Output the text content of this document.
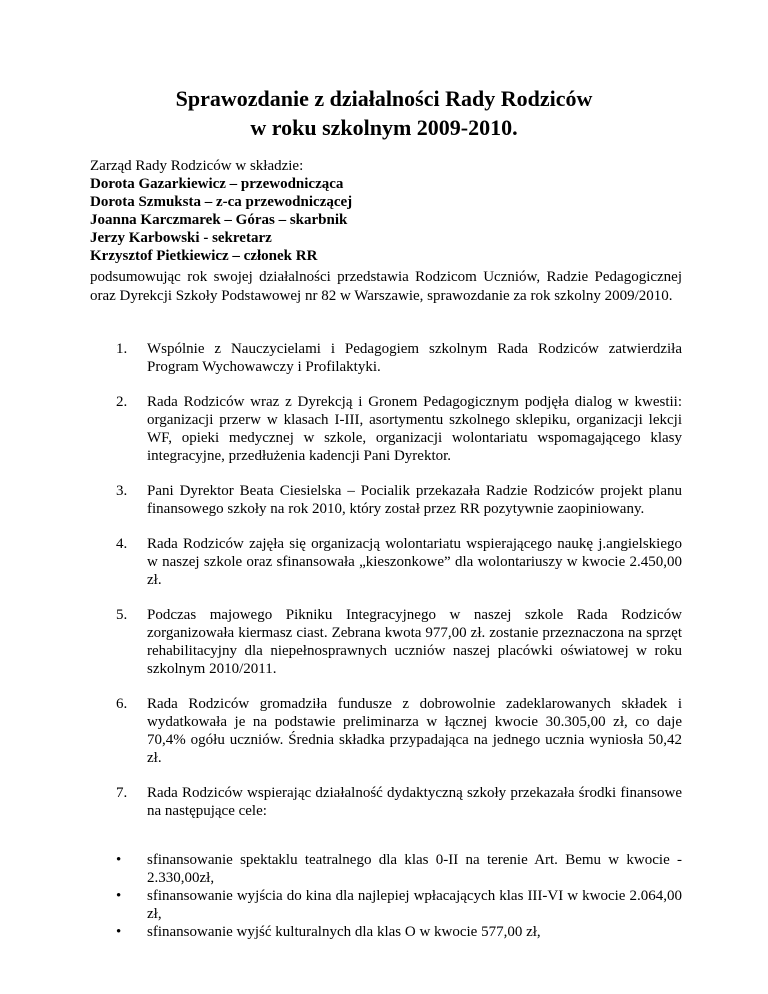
Sprawozdanie z działalności Rady Rodziców
w roku szkolnym 2009-2010.
Zarząd Rady Rodziców w składzie:
Dorota Gazarkiewicz – przewodnicząca
Dorota Szmuksta – z-ca przewodniczącej
Joanna Karczmarek – Góras – skarbnik
Jerzy Karbowski - sekretarz
Krzysztof Pietkiewicz – członek RR
podsumowując rok swojej działalności przedstawia Rodzicom Uczniów, Radzie Pedagogicznej oraz Dyrekcji Szkoły Podstawowej nr 82 w Warszawie, sprawozdanie za rok szkolny 2009/2010.
1. Wspólnie z Nauczycielami i Pedagogiem szkolnym Rada Rodziców zatwierdziła Program Wychowawczy i Profilaktyki.
2. Rada Rodziców wraz z Dyrekcją i Gronem Pedagogicznym podjęła dialog w kwestii: organizacji przerw w klasach I-III, asortymentu szkolnego sklepiku, organizacji lekcji WF, opieki medycznej w szkole, organizacji wolontariatu wspomagającego klasy integracyjne, przedłużenia kadencji Pani Dyrektor.
3. Pani Dyrektor Beata Ciesielska – Pocialik przekazała Radzie Rodziców projekt planu finansowego szkoły na rok 2010, który został przez RR pozytywnie zaopiniowany.
4. Rada Rodziców zajęła się organizacją wolontariatu wspierającego naukę j.angielskiego w naszej szkole oraz sfinansowała „kieszonkowe” dla wolontariuszy w kwocie 2.450,00 zł.
5. Podczas majowego Pikniku Integracyjnego w naszej szkole Rada Rodziców zorganizowała kiermasz ciast. Zebrana kwota 977,00 zł. zostanie przeznaczona na sprzęt rehabilitacyjny dla niepełnosprawnych uczniów naszej placówki oświatowej w roku szkolnym 2010/2011.
6. Rada Rodziców gromadziła fundusze z dobrowolnie zadeklarowanych składek i wydatkowała je na podstawie preliminarza w łącznej kwocie 30.305,00 zł, co daje 70,4% ogółu uczniów. Średnia składka przypadająca na jednego ucznia wyniosła 50,42 zł.
7. Rada Rodziców wspierając działalność dydaktyczną szkoły przekazała środki finansowe na następujące cele:
• sfinansowanie spektaklu teatralnego dla klas 0-II na terenie Art. Bemu w kwocie - 2.330,00zł,
• sfinansowanie wyjścia do kina dla najlepiej wpłacających klas III-VI w kwocie 2.064,00 zł,
• sfinansowanie wyjść kulturalnych dla klas O w kwocie 577,00 zł,
